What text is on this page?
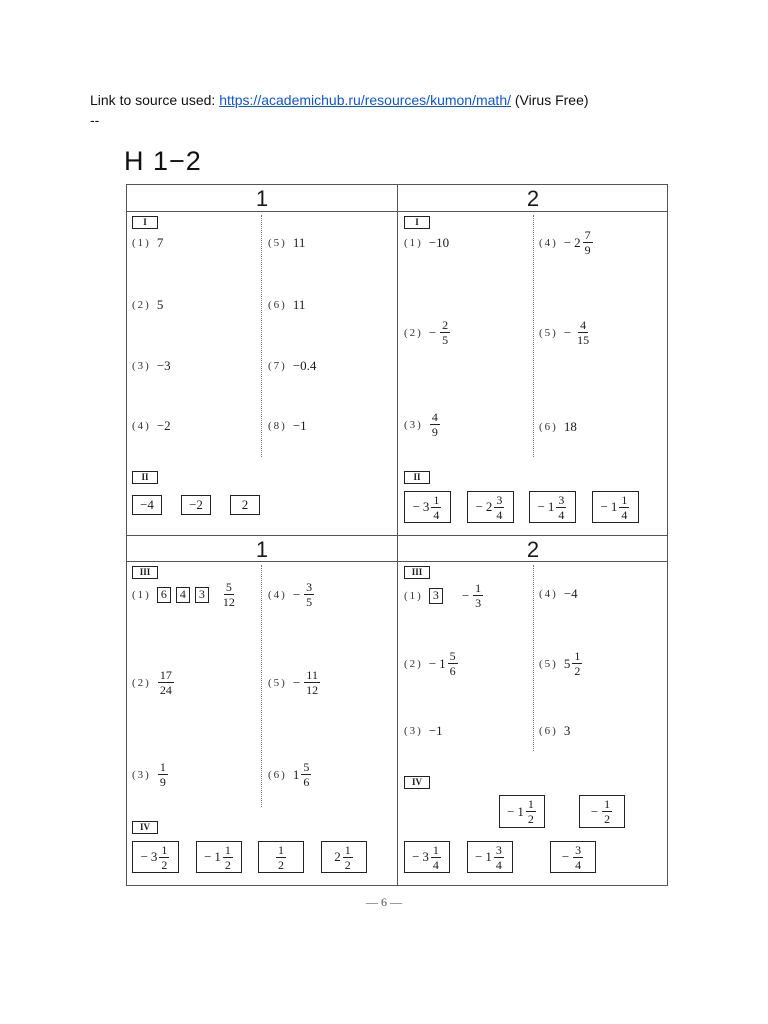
Link to source used: https://academichub.ru/resources/kumon/math/ (Virus Free)
--
H 1−2
1	2
1	2
I
(1) 7
(2) 5
(3) −3
(4) −2
(5) 11
(6) 11
(7) −0.4
(8) −1
II
−4	−2	2
I
(1) −10
$(2) - \frac{2}{5}$
$(3) \frac{4}{9}$
$(4) - 2 \frac{7}{9}$
$(5) - \frac{4}{15}$
(6) 18
II
− $3 \frac{1}{4}$	− $2 \frac{3}{4}$	− $1 \frac{3}{4}$	− $1 \frac{1}{4}$
III
(1) 6	4	3	$\frac{5}{12}$
$(2) \frac{17}{24}$
$(3) \frac{1}{9}$
$(4) - \frac{3}{5}$
$(5) - \frac{11}{12}$
(6) $1 \frac{5}{6}$
IV
− $3 \frac{1}{2}$	− $1 \frac{1}{2}$	$\frac{1}{2}$	$2 \frac{1}{2}$
III
(1) 3	− $\frac{1}{3}$
$(2) - 1 \frac{5}{6}$
(3) −1
(4) −4
(5) $5 \frac{1}{2}$
(6) 3
IV
− $1 \frac{1}{2}$	− $\frac{1}{2}$
− $3 \frac{1}{4}$	− $1 \frac{3}{4}$	− $\frac{3}{4}$
— 6 —
